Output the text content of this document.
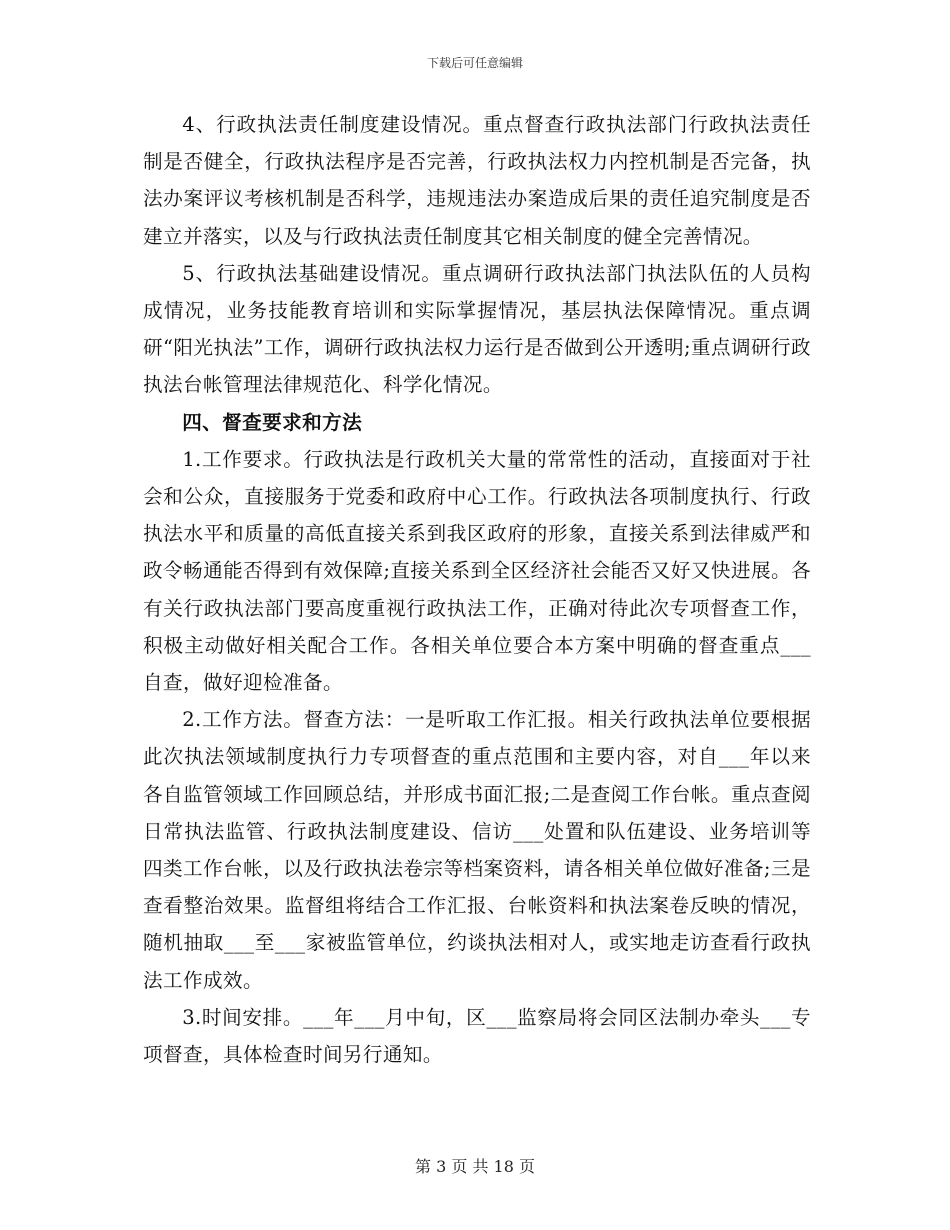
下载后可任意编辑

4、行政执法责任制度建设情况。重点督查行政执法部门行政执法责任制是否健全，行政执法程序是否完善，行政执法权力内控机制是否完备，执法办案评议考核机制是否科学，违规违法办案造成后果的责任追究制度是否建立并落实，以及与行政执法责任制度其它相关制度的健全完善情况。

5、行政执法基础建设情况。重点调研行政执法部门执法队伍的人员构成情况，业务技能教育培训和实际掌握情况，基层执法保障情况。重点调研“阳光执法”工作，调研行政执法权力运行是否做到公开透明;重点调研行政执法台帐管理法律规范化、科学化情况。

四、督查要求和方法

1.工作要求。行政执法是行政机关大量的常常性的活动，直接面对于社会和公众，直接服务于党委和政府中心工作。行政执法各项制度执行、行政执法水平和质量的高低直接关系到我区政府的形象，直接关系到法律威严和政令畅通能否得到有效保障;直接关系到全区经济社会能否又好又快进展。各有关行政执法部门要高度重视行政执法工作，正确对待此次专项督查工作，积极主动做好相关配合工作。各相关单位要合本方案中明确的督查重点___自查，做好迎检准备。

2.工作方法。督查方法：一是听取工作汇报。相关行政执法单位要根据此次执法领域制度执行力专项督查的重点范围和主要内容，对自___年以来各自监管领域工作回顾总结，并形成书面汇报;二是查阅工作台帐。重点查阅日常执法监管、行政执法制度建设、信访___处置和队伍建设、业务培训等四类工作台帐，以及行政执法卷宗等档案资料，请各相关单位做好准备;三是查看整治效果。监督组将结合工作汇报、台帐资料和执法案卷反映的情况，随机抽取___至___家被监管单位，约谈执法相对人，或实地走访查看行政执法工作成效。

3.时间安排。___年___月中旬，区___监察局将会同区法制办牵头___专项督查，具体检查时间另行通知。

第 3 页 共 18 页
